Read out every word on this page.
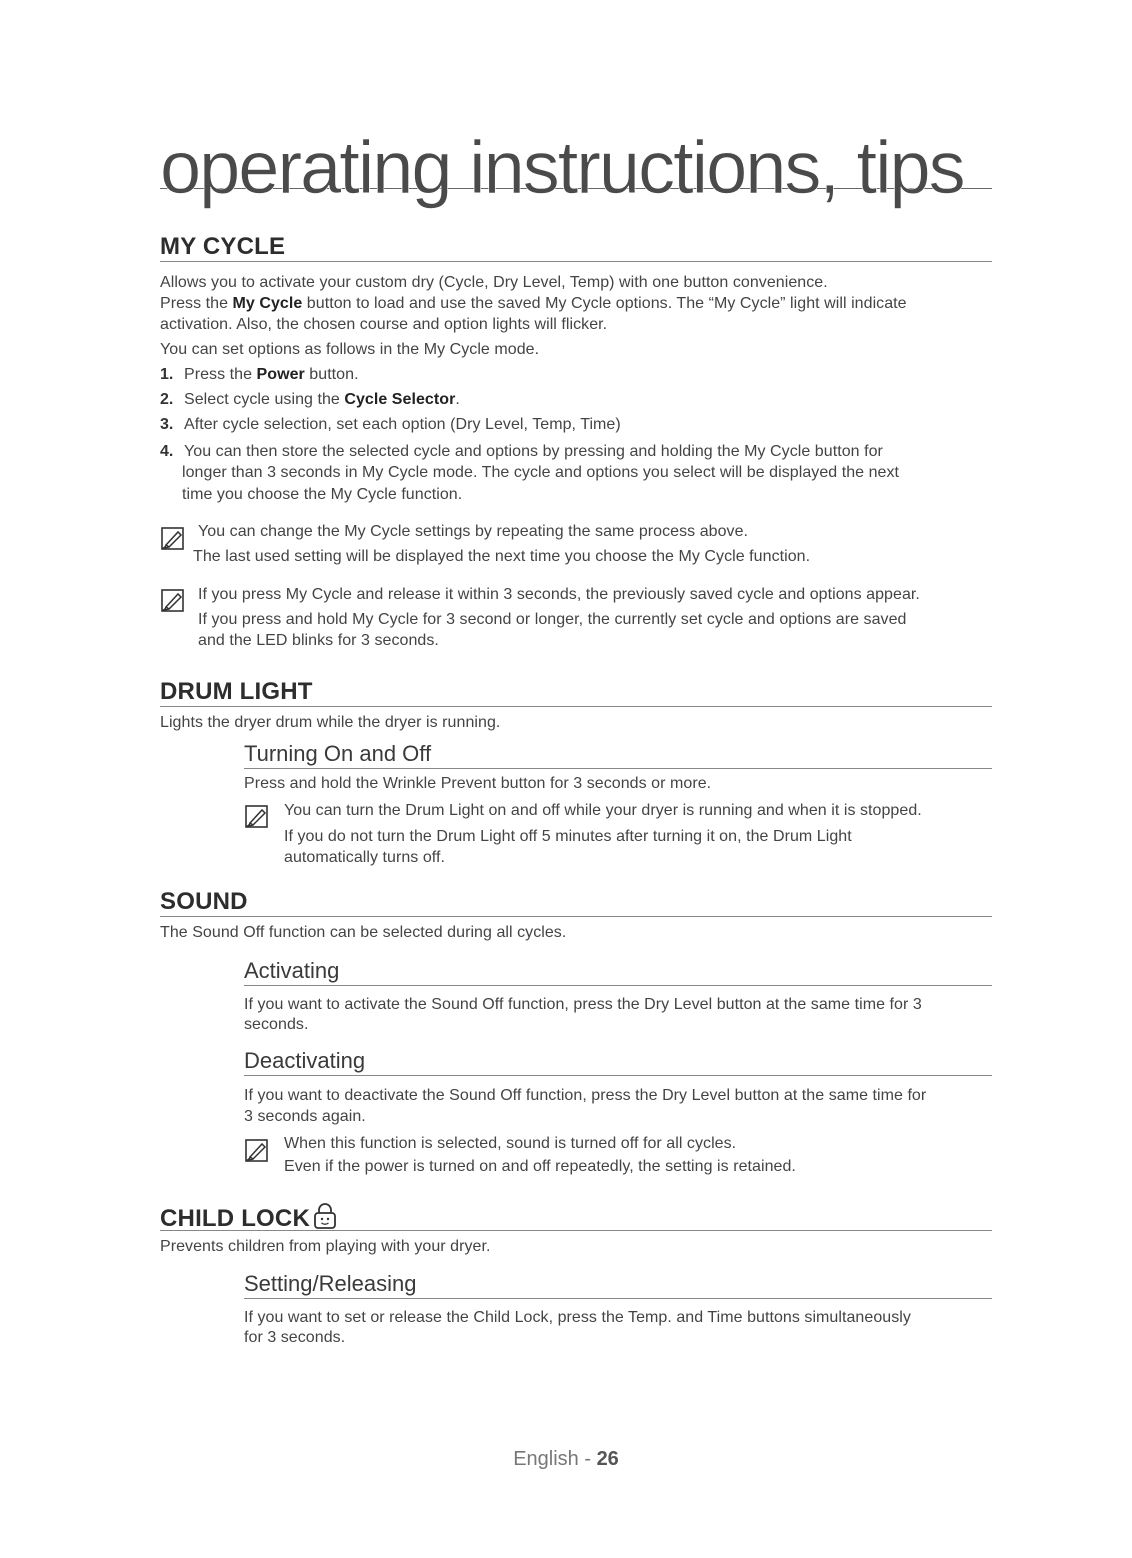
operating instructions, tips
MY CYCLE
Allows you to activate your custom dry (Cycle, Dry Level, Temp) with one button convenience.
Press the My Cycle button to load and use the saved My Cycle options. The “My Cycle” light will indicate
activation. Also, the chosen course and option lights will flicker.
You can set options as follows in the My Cycle mode.
1. Press the Power button.
2. Select cycle using the Cycle Selector.
3. After cycle selection, set each option (Dry Level, Temp, Time)
4. You can then store the selected cycle and options by pressing and holding the My Cycle button for
longer than 3 seconds in My Cycle mode. The cycle and options you select will be displayed the next
time you choose the My Cycle function.
You can change the My Cycle settings by repeating the same process above.
The last used setting will be displayed the next time you choose the My Cycle function.
If you press My Cycle and release it within 3 seconds, the previously saved cycle and options appear.
If you press and hold My Cycle for 3 second or longer, the currently set cycle and options are saved
and the LED blinks for 3 seconds.
DRUM LIGHT
Lights the dryer drum while the dryer is running.
Turning On and Off
Press and hold the Wrinkle Prevent button for 3 seconds or more.
You can turn the Drum Light on and off while your dryer is running and when it is stopped.
If you do not turn the Drum Light off 5 minutes after turning it on, the Drum Light
automatically turns off.
SOUND
The Sound Off function can be selected during all cycles.
Activating
If you want to activate the Sound Off function, press the Dry Level button at the same time for 3
seconds.
Deactivating
If you want to deactivate the Sound Off function, press the Dry Level button at the same time for
3 seconds again.
When this function is selected, sound is turned off for all cycles.
Even if the power is turned on and off repeatedly, the setting is retained.
CHILD LOCK
Prevents children from playing with your dryer.
Setting/Releasing
If you want to set or release the Child Lock, press the Temp. and Time buttons simultaneously
for 3 seconds.
English - 26
